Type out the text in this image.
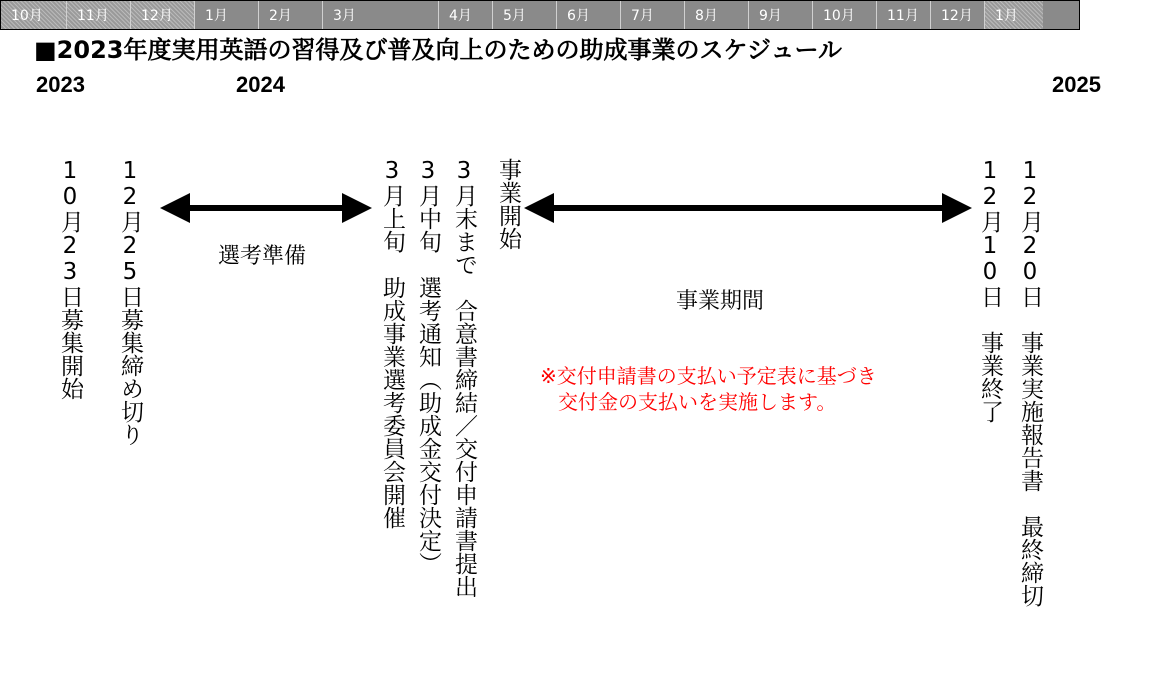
■2023年度実用英語の習得及び普及向上のための助成事業のスケジュール
2023	2024	2025
10月	11月	12月	1月	2月	3月	4月	5月	6月	7月	8月	9月	10月	11月	12月	1月
10月23日募集開始 12月25日募集締め切り	3月上旬　助成事業選考委員会開催 3月中旬　選考通知（助成金交付決定） 3月末まで　合意書締結／交付申請書提出 事業開始	12月10日　事業終了 12月20日　事業実施報告書　最終締切
選考準備
事業期間
※交付申請書の支払い予定表に基づき
交付金の支払いを実施します。
